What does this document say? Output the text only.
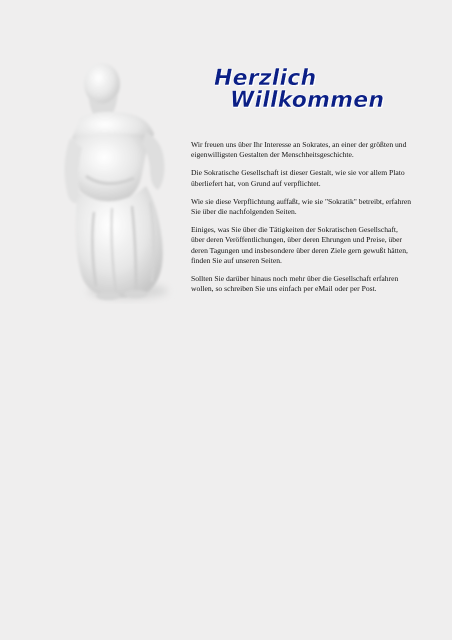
Herzlich
Willkommen

Wir freuen uns über Ihr Interesse an Sokrates, an einer der größten und eigenwilligsten Gestalten der Menschheitsgeschichte.

Die Sokratische Gesellschaft ist dieser Gestalt, wie sie vor allem Plato überliefert hat, von Grund auf verpflichtet.

Wie sie diese Verpflichtung auffaßt, wie sie "Sokratik" betreibt, erfahren Sie über die nachfolgenden Seiten.

Einiges, was Sie über die Tätigkeiten der Sokratischen Gesellschaft, über deren Veröffentlichungen, über deren Ehrungen und Preise, über deren Tagungen und insbesondere über deren Ziele gern gewußt hätten, finden Sie auf unseren Seiten.

Sollten Sie darüber hinaus noch mehr über die Gesellschaft erfahren wollen, so schreiben Sie uns einfach per eMail oder per Post.
